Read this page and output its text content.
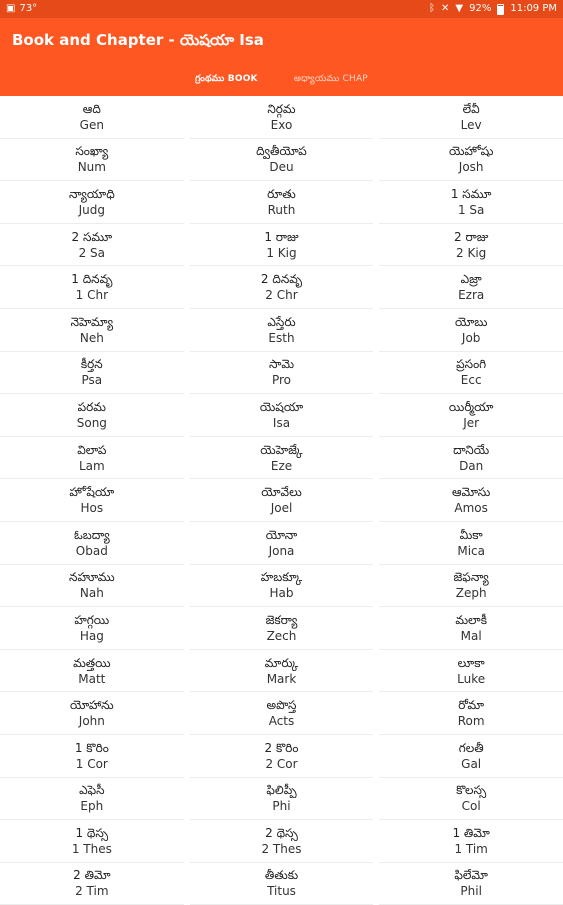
▣ 73°	ᛒ ✕ ▼ 92% 11:09 PM
Book and Chapter - యెషయా Isa
గ్రంథము BOOK	అధ్యాయము CHAP
ఆది
Gen
నిర్గమ
Exo
లేవీ
Lev
సంఖ్యా
Num
ద్వితీయోప
Deu
యెహోషు
Josh
న్యాయాధి
Judg
రూతు
Ruth
1 సమూ
1 Sa
2 సమూ
2 Sa
1 రాజు
1 Kig
2 రాజు
2 Kig
1 దినవృ
1 Chr
2 దినవృ
2 Chr
ఎజ్రా
Ezra
నెహెమ్యా
Neh
ఎస్తేరు
Esth
యోబు
Job
కీర్తన
Psa
సామె
Pro
ప్రసంగి
Ecc
పరమ
Song
యెషయా
Isa
యిర్మీయా
Jer
విలాప
Lam
యెహెజ్కే
Eze
దానియే
Dan
హోషేయా
Hos
యోవేలు
Joel
ఆమోసు
Amos
ఓబద్యా
Obad
యోనా
Jona
మీకా
Mica
నహూము
Nah
హబక్కూ
Hab
జెఫన్యా
Zeph
హగ్గయి
Hag
జెకర్యా
Zech
మలాకీ
Mal
మత్తయి
Matt
మార్కు
Mark
లూకా
Luke
యోహాను
John
అపొస్త
Acts
రోమా
Rom
1 కొరిం
1 Cor
2 కొరిం
2 Cor
గలతీ
Gal
ఎఫెసీ
Eph
ఫిలిప్పీ
Phi
కొలస్స
Col
1 థెస్స
1 Thes
2 థెస్స
2 Thes
1 తిమో
1 Tim
2 తిమో
2 Tim
తీతుకు
Titus
ఫిలేమో
Phil
